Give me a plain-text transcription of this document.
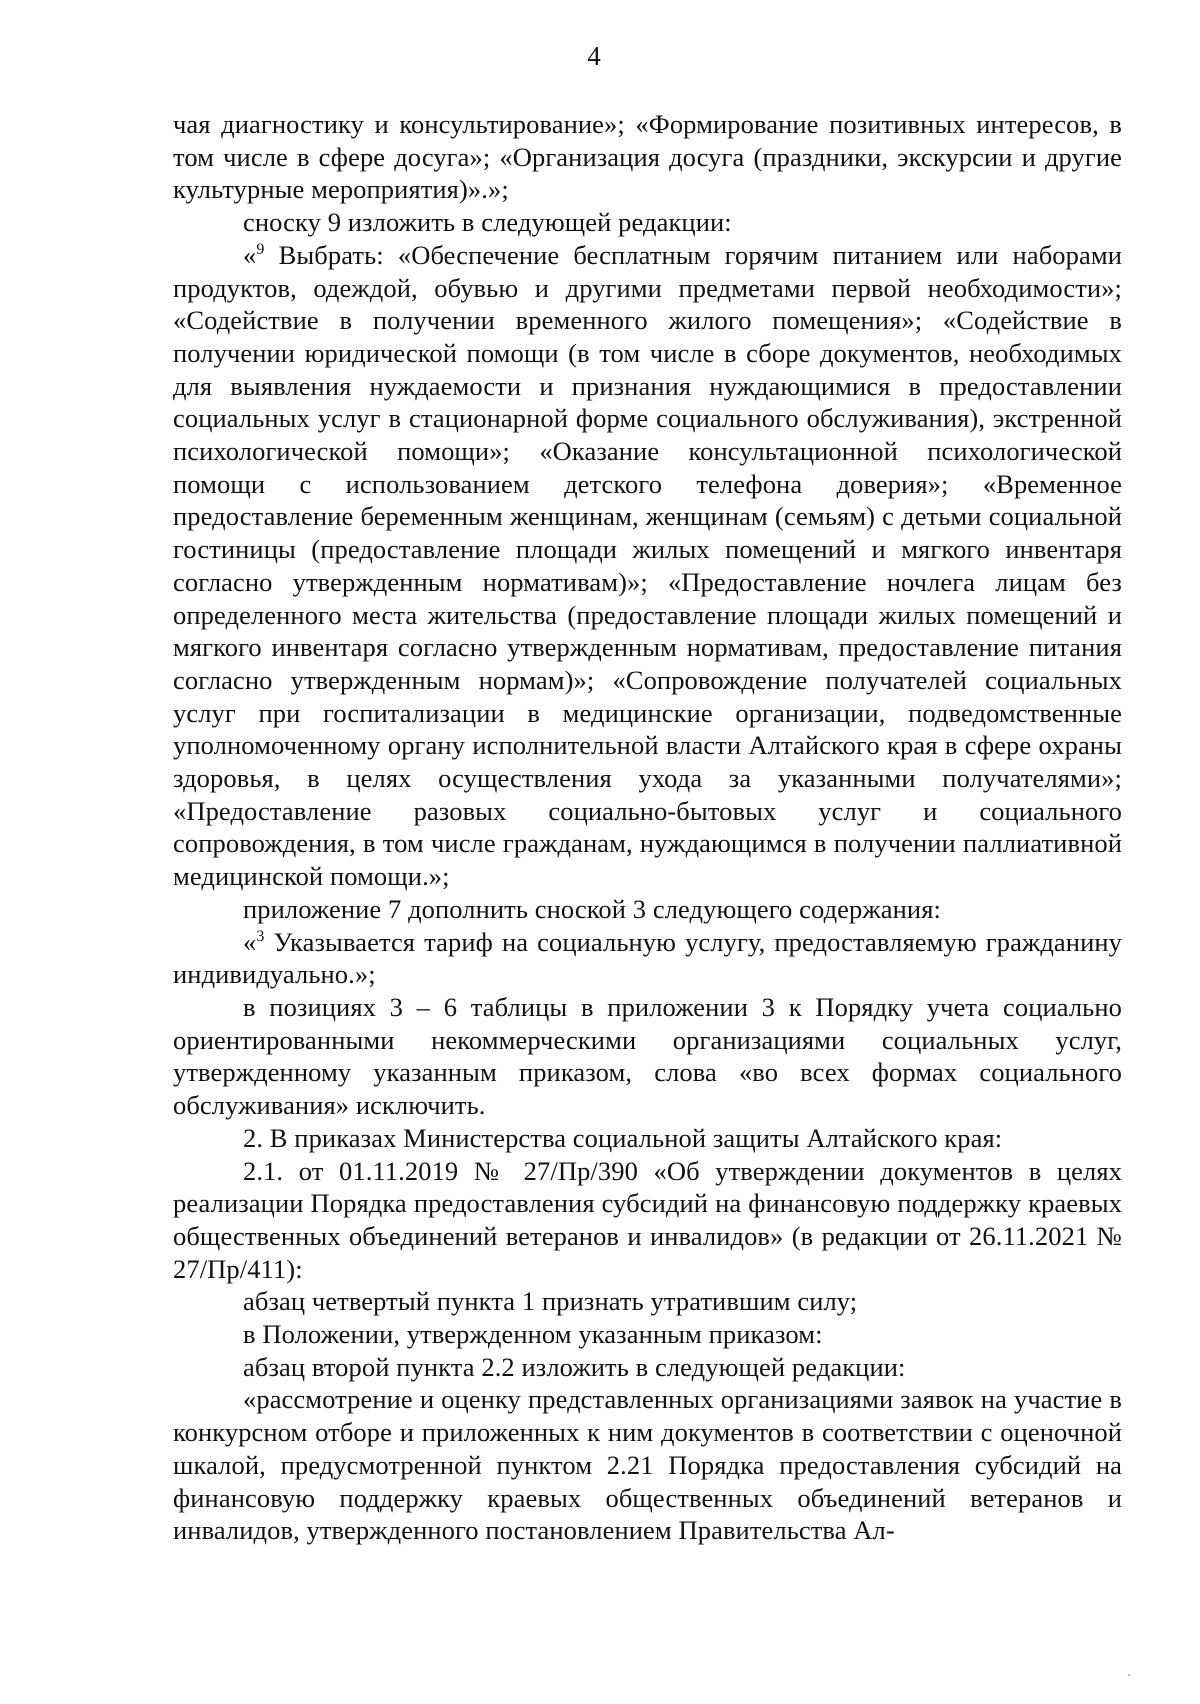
4

чая диагностику и консультирование»; «Формирование позитивных интересов, в том числе в сфере досуга»; «Организация досуга (праздники, экскурсии и другие культурные мероприятия)».»;

сноску 9 изложить в следующей редакции:

«$^9$ Выбрать: «Обеспечение бесплатным горячим питанием или наборами продуктов, одеждой, обувью и другими предметами первой необходимости»; «Содействие в получении временного жилого помещения»; «Содействие в получении юридической помощи (в том числе в сборе документов, необходимых для выявления нуждаемости и признания нуждающимися в предоставлении социальных услуг в стационарной форме социального обслуживания), экстренной психологической помощи»; «Оказание консультационной психологической помощи с использованием детского телефона доверия»; «Временное предоставление беременным женщинам, женщинам (семьям) с детьми социальной гостиницы (предоставление площади жилых помещений и мягкого инвентаря согласно утвержденным нормативам)»; «Предоставление ночлега лицам без определенного места жительства (предоставление площади жилых помещений и мягкого инвентаря согласно утвержденным нормативам, предоставление питания согласно утвержденным нормам)»; «Сопровождение получателей социальных услуг при госпитализации в медицинские организации, подведомственные уполномоченному органу исполнительной власти Алтайского края в сфере охраны здоровья, в целях осуществления ухода за указанными получателями»; «Предоставление разовых социально-бытовых услуг и социального сопровождения, в том числе гражданам, нуждающимся в получении паллиативной медицинской помощи.»;

приложение 7 дополнить сноской 3 следующего содержания:

«$^3$ Указывается тариф на социальную услугу, предоставляемую гражданину индивидуально.»;

в позициях 3 – 6 таблицы в приложении 3 к Порядку учета социально ориентированными некоммерческими организациями социальных услуг, утвержденному указанным приказом, слова «во всех формах социального обслуживания» исключить.

2. В приказах Министерства социальной защиты Алтайского края:

2.1. от 01.11.2019 № 27/Пр/390 «Об утверждении документов в целях реализации Порядка предоставления субсидий на финансовую поддержку краевых общественных объединений ветеранов и инвалидов» (в редакции от 26.11.2021 № 27/Пр/411):

абзац четвертый пункта 1 признать утратившим силу;

в Положении, утвержденном указанным приказом:

абзац второй пункта 2.2 изложить в следующей редакции:

«рассмотрение и оценку представленных организациями заявок на участие в конкурсном отборе и приложенных к ним документов в соответствии с оценочной шкалой, предусмотренной пунктом 2.21 Порядка предоставления субсидий на финансовую поддержку краевых общественных объединений ветеранов и инвалидов, утвержденного постановлением Правительства Ал-
